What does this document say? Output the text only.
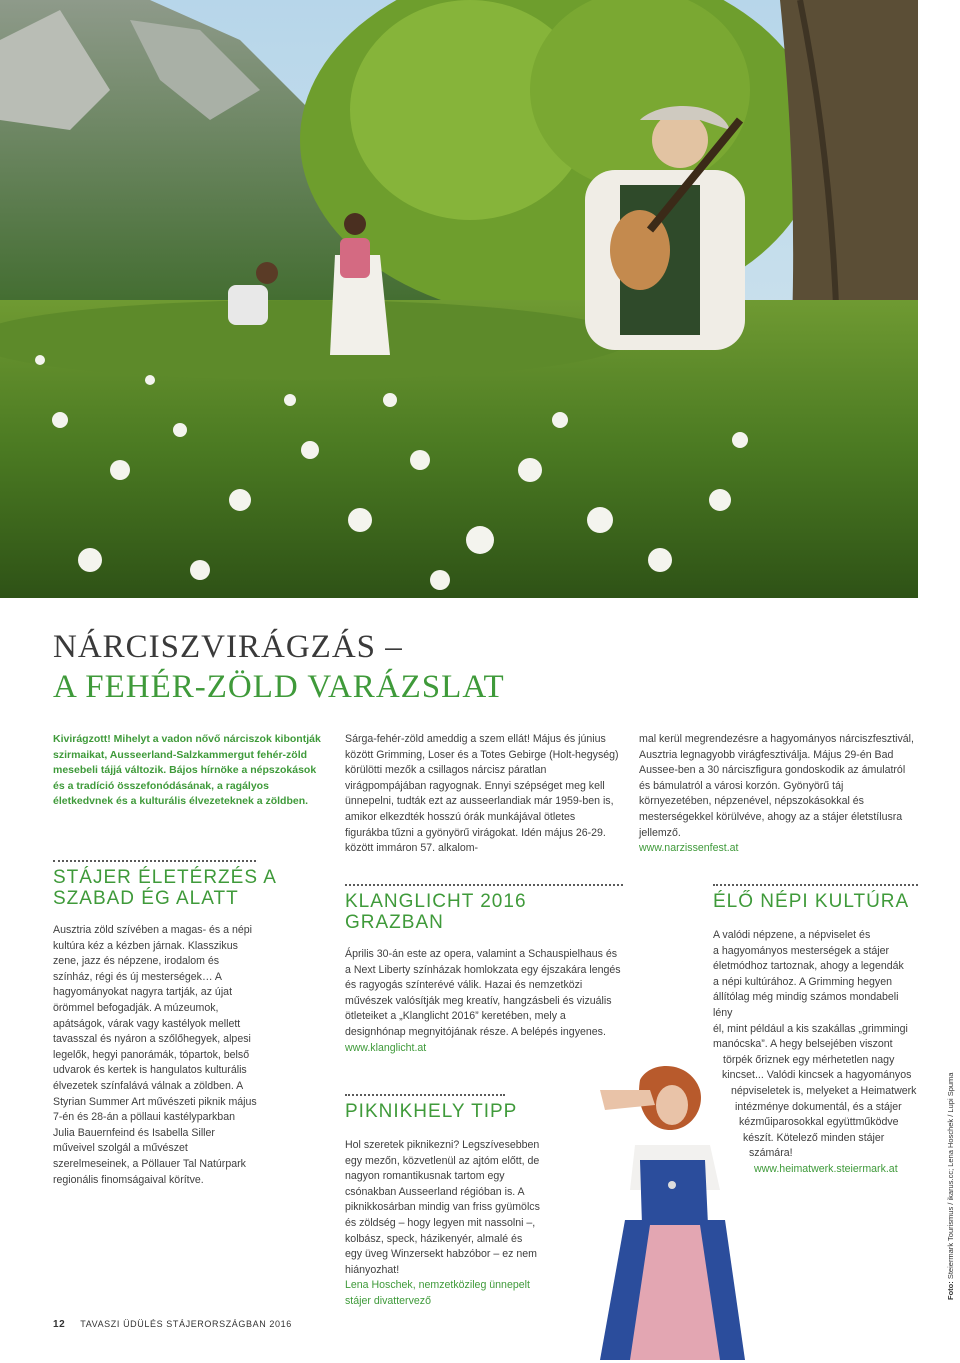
NÁRCISZVIRÁGZÁS –
A FEHÉR-ZÖLD VARÁZSLAT
Kivirágzott! Mihelyt a vadon nővő nárciszok kibontják szirmaikat, Ausseerland-Salzkammergut fehér-zöld mesebeli tájjá változik. Bájos hírnöke a népszokások és a tradíció összefonódásának, a ragályos életkedvnek és a kulturális élvezeteknek a zöldben.
Sárga-fehér-zöld ameddig a szem ellát! Május és június között Grimming, Loser és a Totes Gebirge (Holt-hegység) körülötti mezők a csillagos nárcisz páratlan virágpompájában ragyognak. Ennyi szépséget meg kell ünnepelni, tudták ezt az ausseerlandiak már 1959-ben is, amikor elkezdték hosszú órák munkájával ötletes figurákba tűzni a gyönyörű virágokat. Idén május 26-29. között immáron 57. alkalom-
mal kerül megrendezésre a hagyományos nárciszfesztivál, Ausztria legnagyobb virágfesztiválja. Május 29-én Bad Aussee-ben a 30 nárciszfigura gondoskodik az ámulatról és bámulatról a városi korzón. Gyönyörű táj környezetében, népzenével, népszokásokkal és mesterségekkel körülvéve, ahogy az a stájer életstílusra jellemző.
www.narzissenfest.at
STÁJER ÉLETÉRZÉS A
SZABAD ÉG ALATT
Ausztria zöld szívében a magas- és a népi kultúra kéz a kézben járnak. Klasszikus zene, jazz és népzene, irodalom és színház, régi és új mesterségek… A hagyományokat nagyra tartják, az újat örömmel befogadják. A múzeumok, apátságok, várak vagy kastélyok mellett tavasszal és nyáron a szőlőhegyek, alpesi legelők, hegyi panorámák, tópartok, belső udvarok és kertek is hangulatos kulturális élvezetek színfalává válnak a zöldben. A Styrian Summer Art művészeti piknik május 7-én és 28-án a pöllaui kastélyparkban Julia Bauernfeind és Isabella Siller műveivel szolgál a művészet szerelmeseinek, a Pöllauer Tal Natúrpark regionális finomságaival körítve.
KLANGLICHT 2016
GRAZBAN
Április 30-án este az opera, valamint a Schauspielhaus és a Next Liberty színházak homlokzata egy éjszakára lengés és ragyogás színterévé válik. Hazai és nemzetközi művészek valósítják meg kreatív, hangzásbeli és vizuális ötleteiket a „Klanglicht 2016” keretében, mely a designhónap megnyitójának része. A belépés ingyenes.
www.klanglicht.at
PIKNIKHELY TIPP
Hol szeretek piknikezni? Legszívesebben egy mezőn, közvetlenül az ajtóm előtt, de nagyon romantikusnak tartom egy csónakban Ausseerland régióban is. A piknikkosárban mindig van friss gyümölcs és zöldség – hogy legyen mit nassolni –, kolbász, speck, házikenyér, almalé és egy üveg Winzersekt habzóbor – ez nem hiányozhat!
Lena Hoschek, nemzetközileg ünnepelt stájer divattervező
ÉLŐ NÉPI KULTÚRA
A valódi népzene, a népviselet és
a hagyományos mesterségek a stájer
életmódhoz tartoznak, ahogy a legendák
a népi kultúrához. A Grimming hegyen
állítólag még mindig számos mondabeli lény
él, mint például a kis szakállas „grimmingi
manócska”. A hegy belsejében viszont
törpék őriznek egy mérhetetlen nagy
kincset... Valódi kincsek a hagyományos
népviseletek is, melyeket a Heimatwerk
intézménye dokumentál, és a stájer
kézműiparosokkal együttműködve
készít. Kötelező minden stájer
számára!
www.heimatwerk.steiermark.at
Foto: Steiermark Tourismus / ikarus.cc; Lena Hoschek / Lupi Spuma
12 TAVASZI ÜDÜLÉS STÁJERORSZÁGBAN 2016
